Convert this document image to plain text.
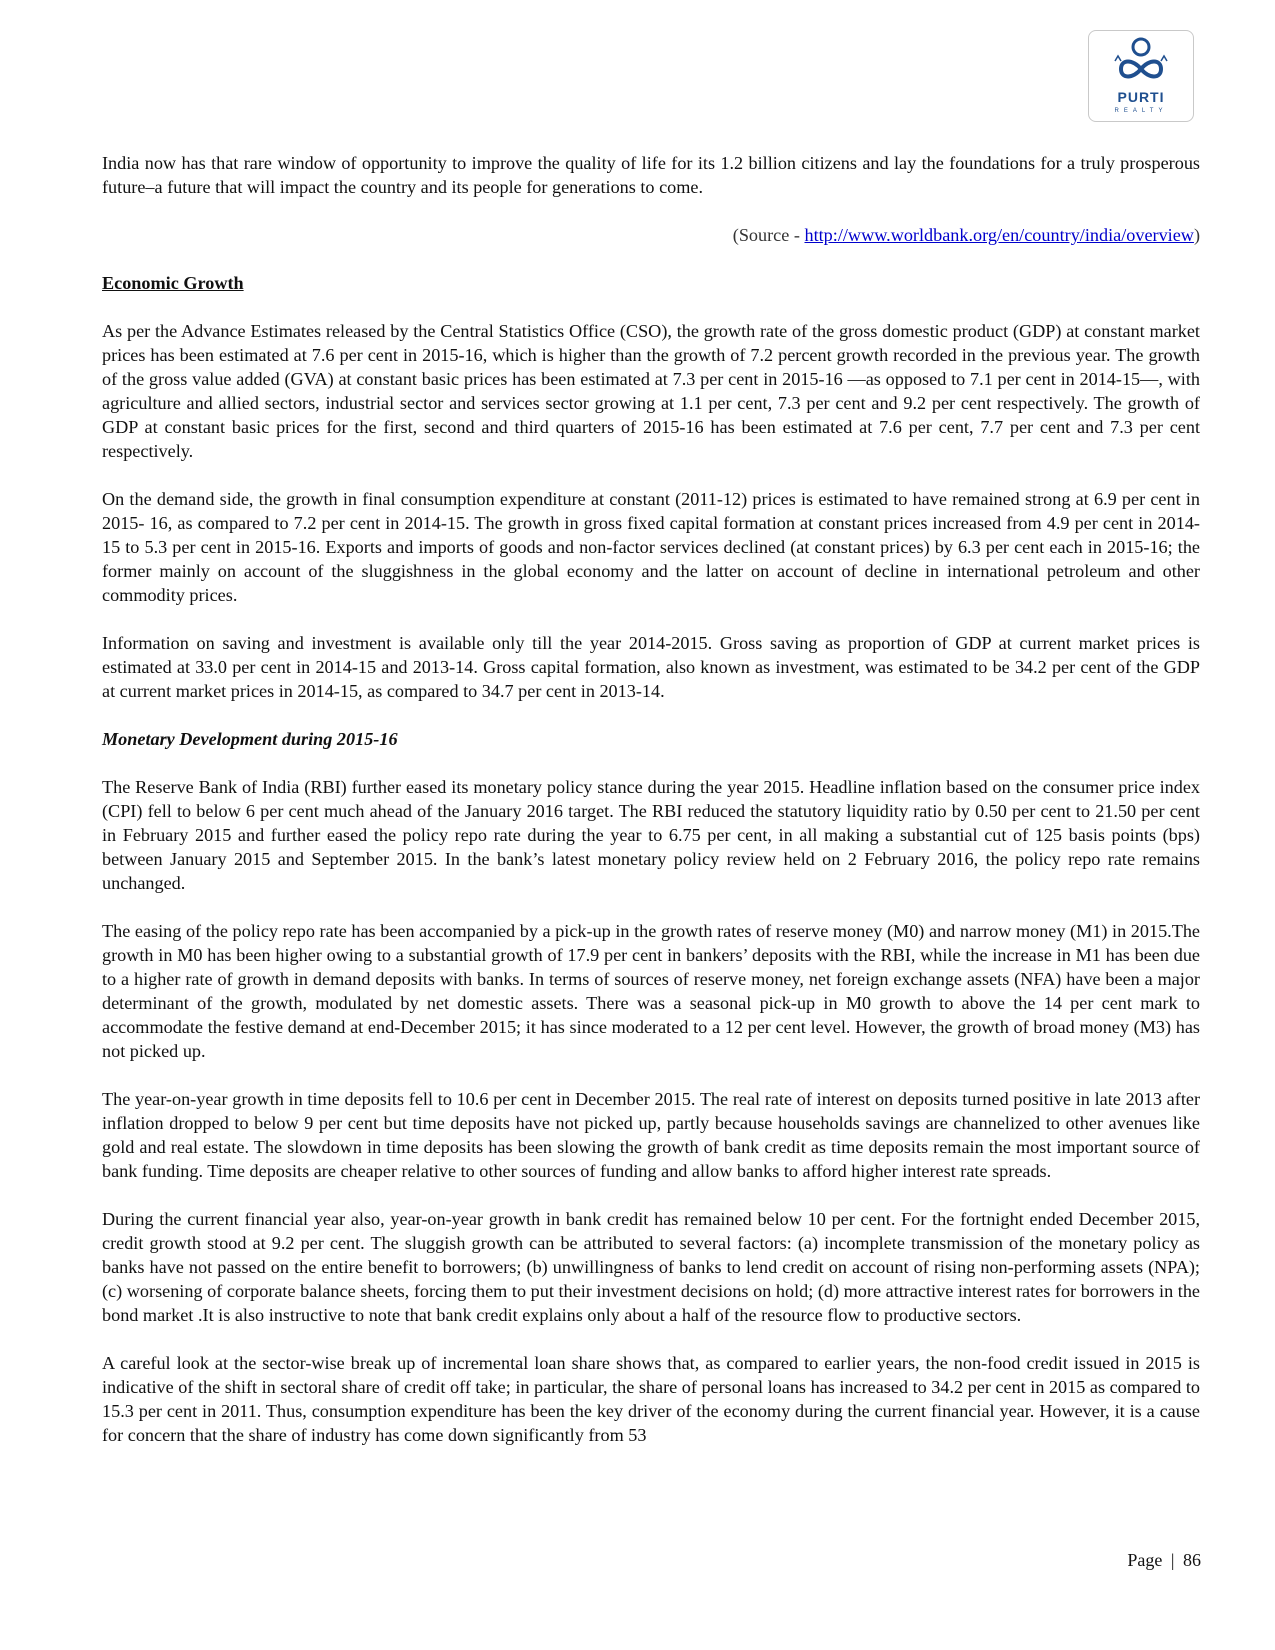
PURTI
REALTY

India now has that rare window of opportunity to improve the quality of life for its 1.2 billion citizens and lay the foundations for a truly prosperous future–a future that will impact the country and its people for generations to come.

(Source - http://www.worldbank.org/en/country/india/overview)

Economic Growth

As per the Advance Estimates released by the Central Statistics Office (CSO), the growth rate of the gross domestic product (GDP) at constant market prices has been estimated at 7.6 per cent in 2015-16, which is higher than the growth of 7.2 percent growth recorded in the previous year. The growth of the gross value added (GVA) at constant basic prices has been estimated at 7.3 per cent in 2015-16 —as opposed to 7.1 per cent in 2014-15—, with agriculture and allied sectors, industrial sector and services sector growing at 1.1 per cent, 7.3 per cent and 9.2 per cent respectively. The growth of GDP at constant basic prices for the first, second and third quarters of 2015-16 has been estimated at 7.6 per cent, 7.7 per cent and 7.3 per cent respectively.

On the demand side, the growth in final consumption expenditure at constant (2011-12) prices is estimated to have remained strong at 6.9 per cent in 2015- 16, as compared to 7.2 per cent in 2014-15. The growth in gross fixed capital formation at constant prices increased from 4.9 per cent in 2014-15 to 5.3 per cent in 2015-16. Exports and imports of goods and non-factor services declined (at constant prices) by 6.3 per cent each in 2015-16; the former mainly on account of the sluggishness in the global economy and the latter on account of decline in international petroleum and other commodity prices.

Information on saving and investment is available only till the year 2014-2015. Gross saving as proportion of GDP at current market prices is estimated at 33.0 per cent in 2014-15 and 2013-14. Gross capital formation, also known as investment, was estimated to be 34.2 per cent of the GDP at current market prices in 2014-15, as compared to 34.7 per cent in 2013-14.

Monetary Development during 2015-16

The Reserve Bank of India (RBI) further eased its monetary policy stance during the year 2015. Headline inflation based on the consumer price index (CPI) fell to below 6 per cent much ahead of the January 2016 target. The RBI reduced the statutory liquidity ratio by 0.50 per cent to 21.50 per cent in February 2015 and further eased the policy repo rate during the year to 6.75 per cent, in all making a substantial cut of 125 basis points (bps) between January 2015 and September 2015. In the bank’s latest monetary policy review held on 2 February 2016, the policy repo rate remains unchanged.

The easing of the policy repo rate has been accompanied by a pick-up in the growth rates of reserve money (M0) and narrow money (M1) in 2015.The growth in M0 has been higher owing to a substantial growth of 17.9 per cent in bankers’ deposits with the RBI, while the increase in M1 has been due to a higher rate of growth in demand deposits with banks. In terms of sources of reserve money, net foreign exchange assets (NFA) have been a major determinant of the growth, modulated by net domestic assets. There was a seasonal pick-up in M0 growth to above the 14 per cent mark to accommodate the festive demand at end-December 2015; it has since moderated to a 12 per cent level. However, the growth of broad money (M3) has not picked up.

The year-on-year growth in time deposits fell to 10.6 per cent in December 2015. The real rate of interest on deposits turned positive in late 2013 after inflation dropped to below 9 per cent but time deposits have not picked up, partly because households savings are channelized to other avenues like gold and real estate. The slowdown in time deposits has been slowing the growth of bank credit as time deposits remain the most important source of bank funding. Time deposits are cheaper relative to other sources of funding and allow banks to afford higher interest rate spreads.

During the current financial year also, year-on-year growth in bank credit has remained below 10 per cent. For the fortnight ended December 2015, credit growth stood at 9.2 per cent. The sluggish growth can be attributed to several factors: (a) incomplete transmission of the monetary policy as banks have not passed on the entire benefit to borrowers; (b) unwillingness of banks to lend credit on account of rising non-performing assets (NPA); (c) worsening of corporate balance sheets, forcing them to put their investment decisions on hold; (d) more attractive interest rates for borrowers in the bond market .It is also instructive to note that bank credit explains only about a half of the resource flow to productive sectors.

A careful look at the sector-wise break up of incremental loan share shows that, as compared to earlier years, the non-food credit issued in 2015 is indicative of the shift in sectoral share of credit off take; in particular, the share of personal loans has increased to 34.2 per cent in 2015 as compared to 15.3 per cent in 2011. Thus, consumption expenditure has been the key driver of the economy during the current financial year. However, it is a cause for concern that the share of industry has come down significantly from 53

Page | 86
